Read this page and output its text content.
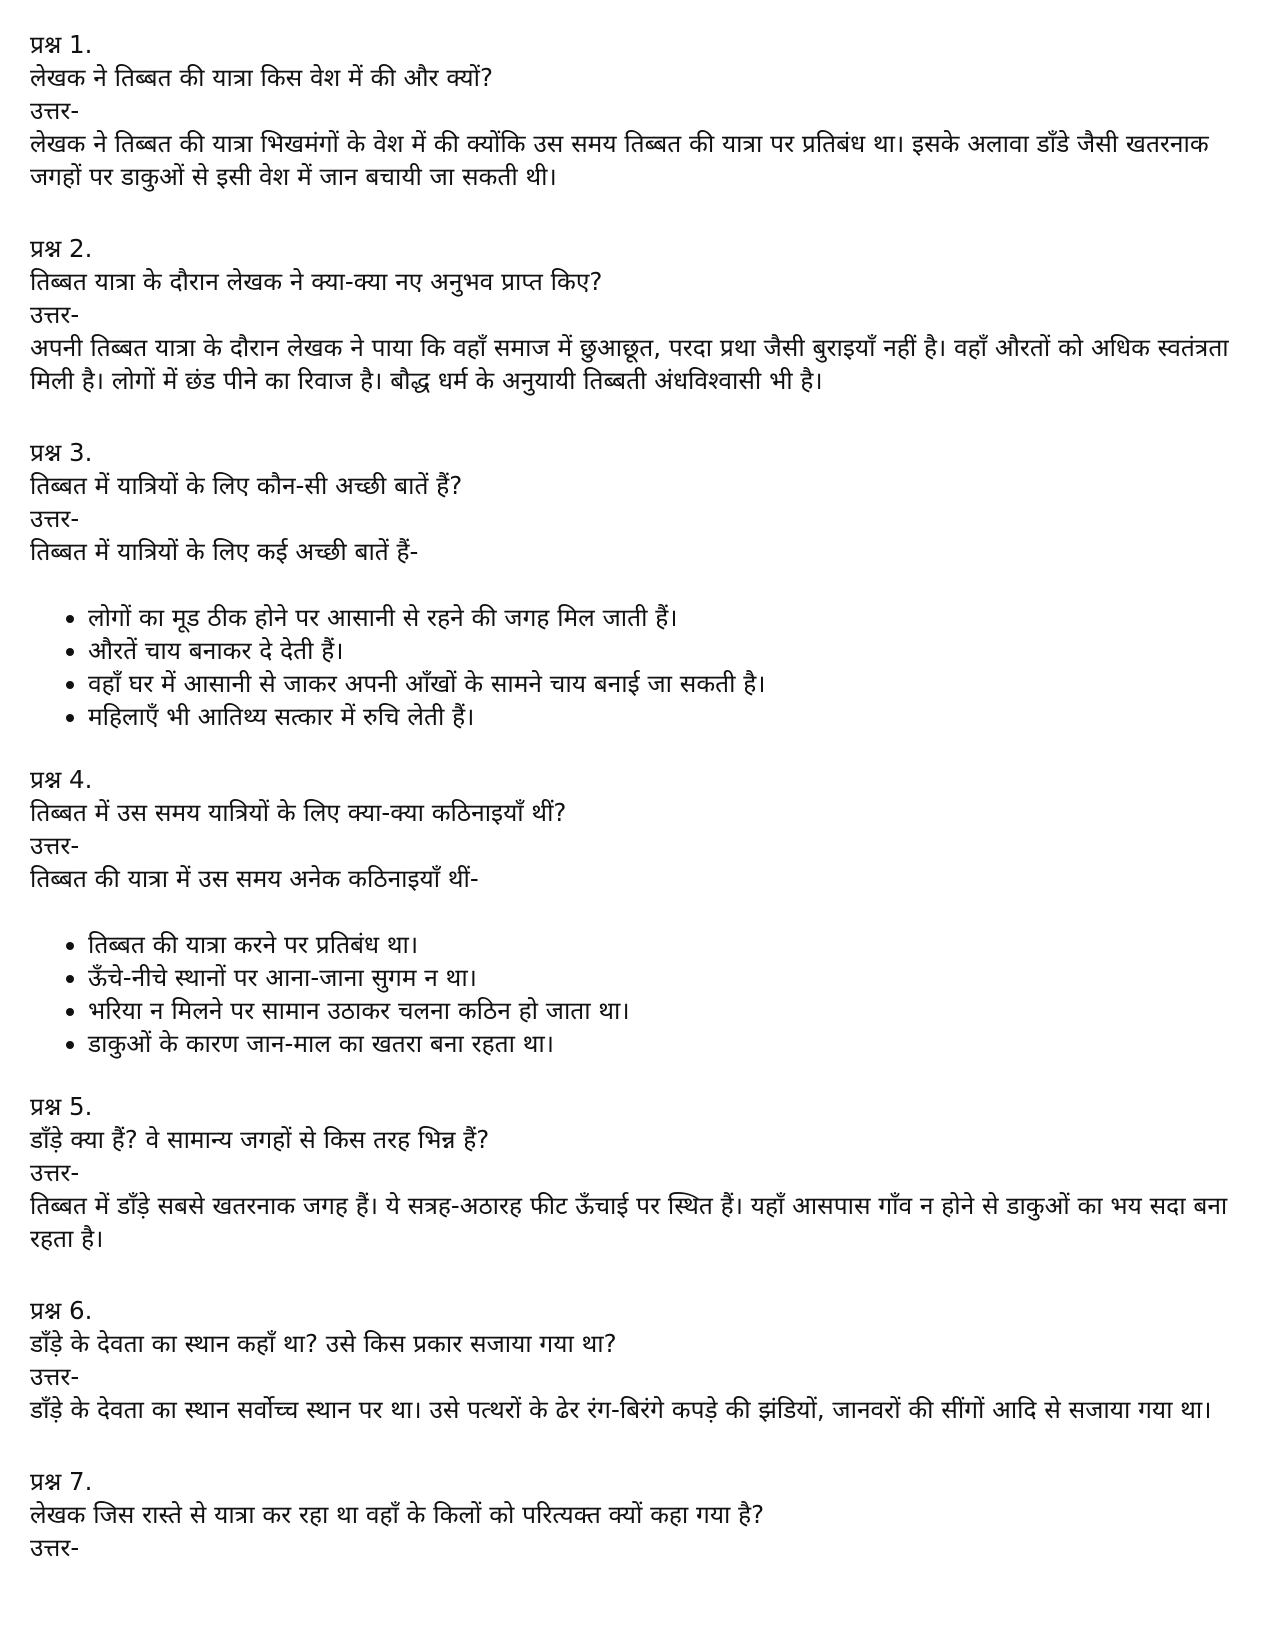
प्रश्न 1.
लेखक ने तिब्बत की यात्रा किस वेश में की और क्यों?
उत्तर-
लेखक ने तिब्बत की यात्रा भिखमंगों के वेश में की क्योंकि उस समय तिब्बत की यात्रा पर प्रतिबंध था। इसके अलावा डाँडे जैसी खतरनाक जगहों पर डाकुओं से इसी वेश में जान बचायी जा सकती थी।
प्रश्न 2.
तिब्बत यात्रा के दौरान लेखक ने क्या-क्या नए अनुभव प्राप्त किए?
उत्तर-
अपनी तिब्बत यात्रा के दौरान लेखक ने पाया कि वहाँ समाज में छुआछूत, परदा प्रथा जैसी बुराइयाँ नहीं है। वहाँ औरतों को अधिक स्वतंत्रता मिली है। लोगों में छंड पीने का रिवाज है। बौद्ध धर्म के अनुयायी तिब्बती अंधविश्वासी भी है।
प्रश्न 3.
तिब्बत में यात्रियों के लिए कौन-सी अच्छी बातें हैं?
उत्तर-
तिब्बत में यात्रियों के लिए कई अच्छी बातें हैं-
• लोगों का मूड ठीक होने पर आसानी से रहने की जगह मिल जाती हैं।
• औरतें चाय बनाकर दे देती हैं।
• वहाँ घर में आसानी से जाकर अपनी आँखों के सामने चाय बनाई जा सकती है।
• महिलाएँ भी आतिथ्य सत्कार में रुचि लेती हैं।
प्रश्न 4.
तिब्बत में उस समय यात्रियों के लिए क्या-क्या कठिनाइयाँ थीं?
उत्तर-
तिब्बत की यात्रा में उस समय अनेक कठिनाइयाँ थीं-
• तिब्बत की यात्रा करने पर प्रतिबंध था।
• ऊँचे-नीचे स्थानों पर आना-जाना सुगम न था।
• भरिया न मिलने पर सामान उठाकर चलना कठिन हो जाता था।
• डाकुओं के कारण जान-माल का खतरा बना रहता था।
प्रश्न 5.
डाँड़े क्या हैं? वे सामान्य जगहों से किस तरह भिन्न हैं?
उत्तर-
तिब्बत में डाँड़े सबसे खतरनाक जगह हैं। ये सत्रह-अठारह फीट ऊँचाई पर स्थित हैं। यहाँ आसपास गाँव न होने से डाकुओं का भय सदा बना रहता है।
प्रश्न 6.
डाँड़े के देवता का स्थान कहाँ था? उसे किस प्रकार सजाया गया था?
उत्तर-
डाँड़े के देवता का स्थान सर्वोच्च स्थान पर था। उसे पत्थरों के ढेर रंग-बिरंगे कपड़े की झंडियों, जानवरों की सींगों आदि से सजाया गया था।
प्रश्न 7.
लेखक जिस रास्ते से यात्रा कर रहा था वहाँ के किलों को परित्यक्त क्यों कहा गया है?
उत्तर-
